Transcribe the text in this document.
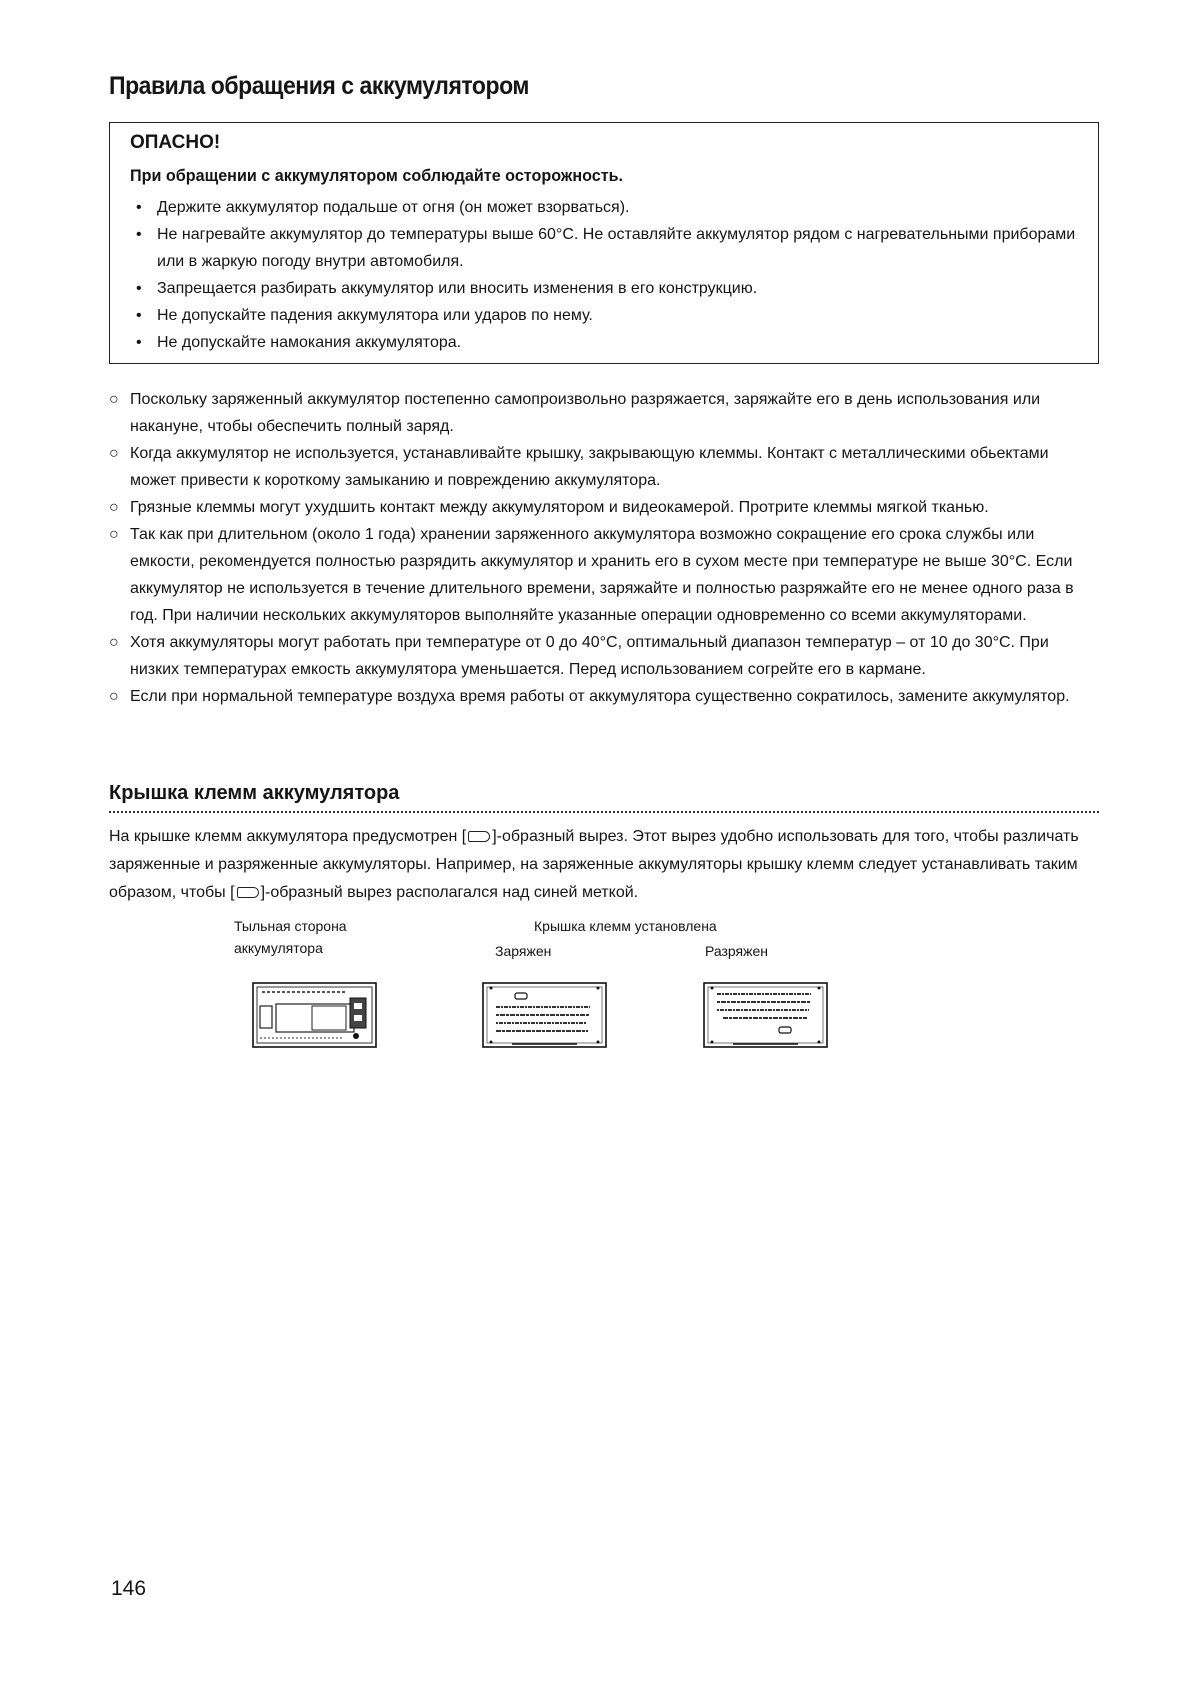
Правила обращения с аккумулятором
ОПАСНО!
При обращении с аккумулятором соблюдайте осторожность.
• Держите аккумулятор подальше от огня (он может взорваться).
• Не нагревайте аккумулятор до температуры выше 60°С. Не оставляйте аккумулятор рядом с нагревательными приборами или в жаркую погоду внутри автомобиля.
• Запрещается разбирать аккумулятор или вносить изменения в его конструкцию.
• Не допускайте падения аккумулятора или ударов по нему.
• Не допускайте намокания аккумулятора.
○ Поскольку заряженный аккумулятор постепенно самопроизвольно разряжается, заряжайте его в день использования или накануне, чтобы обеспечить полный заряд.
○ Когда аккумулятор не используется, устанавливайте крышку, закрывающую клеммы. Контакт с металлическими обьектами может привести к короткому замыканию и повреждению аккумулятора.
○ Грязные клеммы могут ухудшить контакт между аккумулятором и видеокамерой. Протрите клеммы мягкой тканью.
○ Так как при длительном (около 1 года) хранении заряженного аккумулятора возможно сокращение его срока службы или емкости, рекомендуется полностью разрядить аккумулятор и хранить его в сухом месте при температуре не выше 30°С. Если аккумулятор не используется в течение длительного времени, заряжайте и полностью разряжайте его не менее одного раза в год. При наличии нескольких аккумуляторов выполняйте указанные операции одновременно со всеми аккумуляторами.
○ Хотя аккумуляторы могут работать при температуре от 0 до 40°С, оптимальный диапазон температур – от 10 до 30°С. При низких температурах емкость аккумулятора уменьшается. Перед использованием согрейте его в кармане.
○ Если при нормальной температуре воздуха время работы от аккумулятора существенно сократилось, замените аккумулятор.
Крышка клемм аккумулятора
На крышке клемм аккумулятора предусмотрен [ ]-образный вырез. Этот вырез удобно использовать для того, чтобы различать заряженные и разряженные аккумуляторы. Например, на заряженные аккумуляторы крышку клемм следует устанавливать таким образом, чтобы [ ]-образный вырез располагался над синей меткой.
Тыльная сторона
аккумулятора
Крышка клемм установлена
Заряжен	Разряжен
146
